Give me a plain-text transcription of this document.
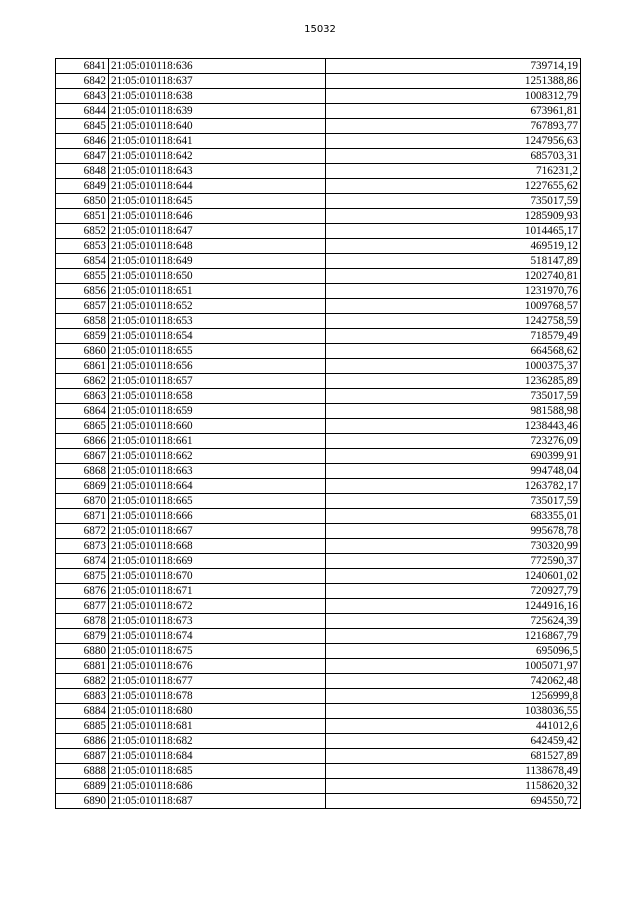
15032
6841	21:05:010118:636	739714,19
6842	21:05:010118:637	1251388,86
6843	21:05:010118:638	1008312,79
6844	21:05:010118:639	673961,81
6845	21:05:010118:640	767893,77
6846	21:05:010118:641	1247956,63
6847	21:05:010118:642	685703,31
6848	21:05:010118:643	716231,2
6849	21:05:010118:644	1227655,62
6850	21:05:010118:645	735017,59
6851	21:05:010118:646	1285909,93
6852	21:05:010118:647	1014465,17
6853	21:05:010118:648	469519,12
6854	21:05:010118:649	518147,89
6855	21:05:010118:650	1202740,81
6856	21:05:010118:651	1231970,76
6857	21:05:010118:652	1009768,57
6858	21:05:010118:653	1242758,59
6859	21:05:010118:654	718579,49
6860	21:05:010118:655	664568,62
6861	21:05:010118:656	1000375,37
6862	21:05:010118:657	1236285,89
6863	21:05:010118:658	735017,59
6864	21:05:010118:659	981588,98
6865	21:05:010118:660	1238443,46
6866	21:05:010118:661	723276,09
6867	21:05:010118:662	690399,91
6868	21:05:010118:663	994748,04
6869	21:05:010118:664	1263782,17
6870	21:05:010118:665	735017,59
6871	21:05:010118:666	683355,01
6872	21:05:010118:667	995678,78
6873	21:05:010118:668	730320,99
6874	21:05:010118:669	772590,37
6875	21:05:010118:670	1240601,02
6876	21:05:010118:671	720927,79
6877	21:05:010118:672	1244916,16
6878	21:05:010118:673	725624,39
6879	21:05:010118:674	1216867,79
6880	21:05:010118:675	695096,5
6881	21:05:010118:676	1005071,97
6882	21:05:010118:677	742062,48
6883	21:05:010118:678	1256999,8
6884	21:05:010118:680	1038036,55
6885	21:05:010118:681	441012,6
6886	21:05:010118:682	642459,42
6887	21:05:010118:684	681527,89
6888	21:05:010118:685	1138678,49
6889	21:05:010118:686	1158620,32
6890	21:05:010118:687	694550,72
